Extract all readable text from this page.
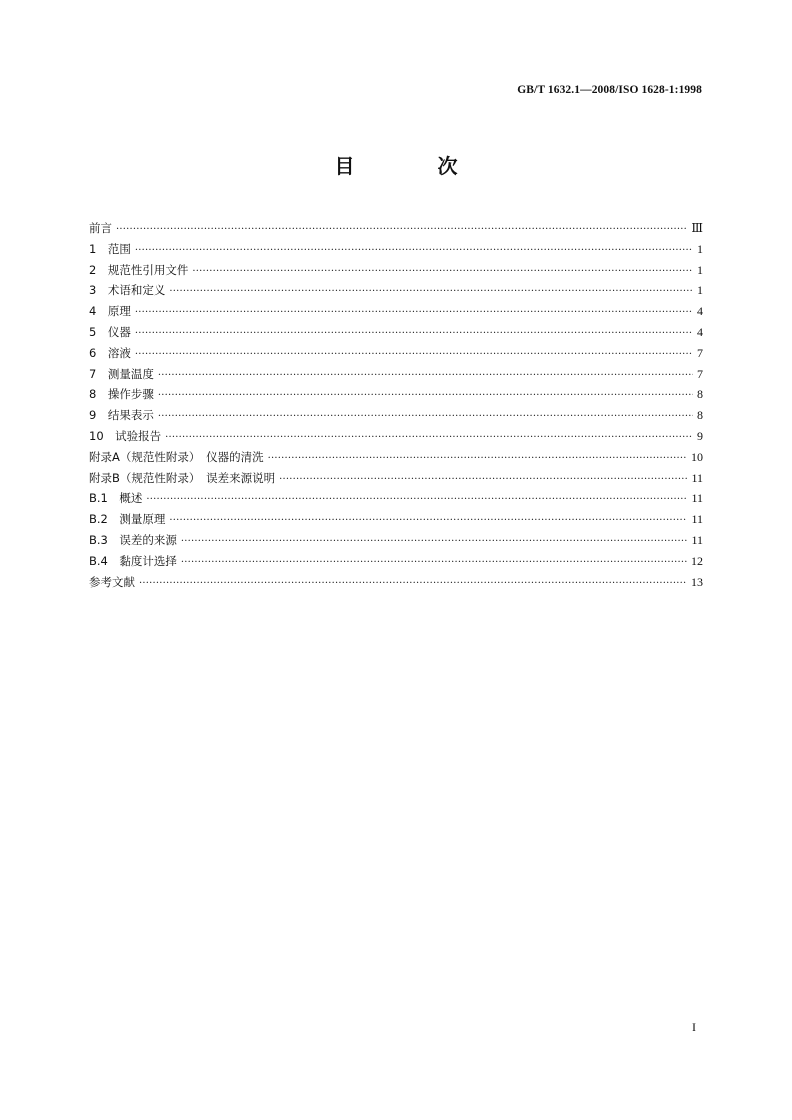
GB/T 1632.1—2008/ISO 1628-1:1998
目 次
前言 ·····	Ⅲ
1　范围 ·····	1
2　规范性引用文件 ·····	1
3　术语和定义 ·····	1
4　原理 ·····	4
5　仪器 ·····	4
6　溶液 ·····	7
7　测量温度 ·····	7
8　操作步骤 ·····	8
9　结果表示 ·····	8
10　试验报告 ·····	9
附录A（规范性附录）　仪器的清洗 ·····	10
附录B（规范性附录）　误差来源说明 ·····	11
B.1　概述 ·····	11
B.2　测量原理 ·····	11
B.3　误差的来源 ·····	11
B.4　黏度计选择 ·····	12
参考文献 ·····	13
I
